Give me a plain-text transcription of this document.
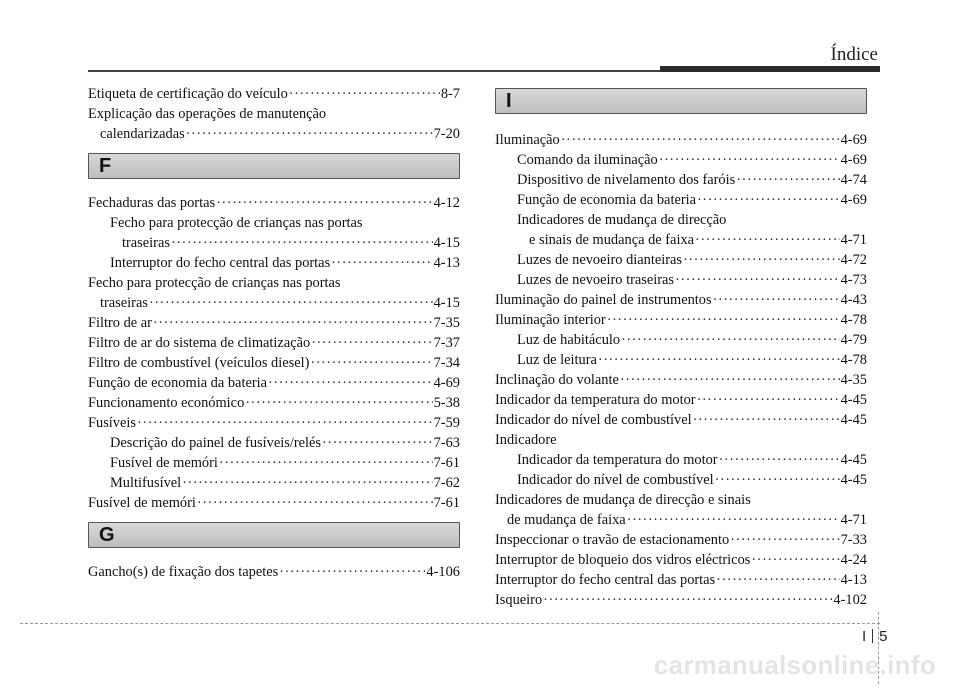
Índice
Etiqueta de certificação do veículo ·····	8-7
Explicação das operações de manutenção
calendarizadas ·····	7-20
F
Fechaduras das portas ·····	4-12
Fecho para protecção de crianças nas portas
traseiras ·····	4-15
Interruptor do fecho central das portas ·····	4-13
Fecho para protecção de crianças nas portas
traseiras ·····	4-15
Filtro de ar ·····	7-35
Filtro de ar do sistema de climatização ·····	7-37
Filtro de combustível (veículos diesel) ·····	7-34
Função de economia da bateria ·····	4-69
Funcionamento económico ·····	5-38
Fusíveis ·····	7-59
Descrição do painel de fusíveis/relés ·····	7-63
Fusível de memóri ·····	7-61
Multifusível ·····	7-62
Fusível de memóri ·····	7-61
G
Gancho(s) de fixação dos tapetes ·····	4-106
I
Iluminação ·····	4-69
Comando da iluminação ·····	4-69
Dispositivo de nivelamento dos faróis ·····	4-74
Função de economia da bateria ·····	4-69
Indicadores de mudança de direcção
e sinais de mudança de faixa ·····	4-71
Luzes de nevoeiro dianteiras ·····	4-72
Luzes de nevoeiro traseiras ·····	4-73
Iluminação do painel de instrumentos ·····	4-43
Iluminação interior ·····	4-78
Luz de habitáculo ·····	4-79
Luz de leitura ·····	4-78
Inclinação do volante ·····	4-35
Indicador da temperatura do motor ·····	4-45
Indicador do nível de combustível ·····	4-45
Indicadore
Indicador da temperatura do motor ·····	4-45
Indicador do nível de combustível ·····	4-45
Indicadores de mudança de direcção e sinais
de mudança de faixa ·····	4-71
Inspeccionar o travão de estacionamento ·····	7-33
Interruptor de bloqueio dos vidros eléctricos ·····	4-24
Interruptor do fecho central das portas ·····	4-13
Isqueiro ·····	4-102
I 5
carmanualsonline.info
